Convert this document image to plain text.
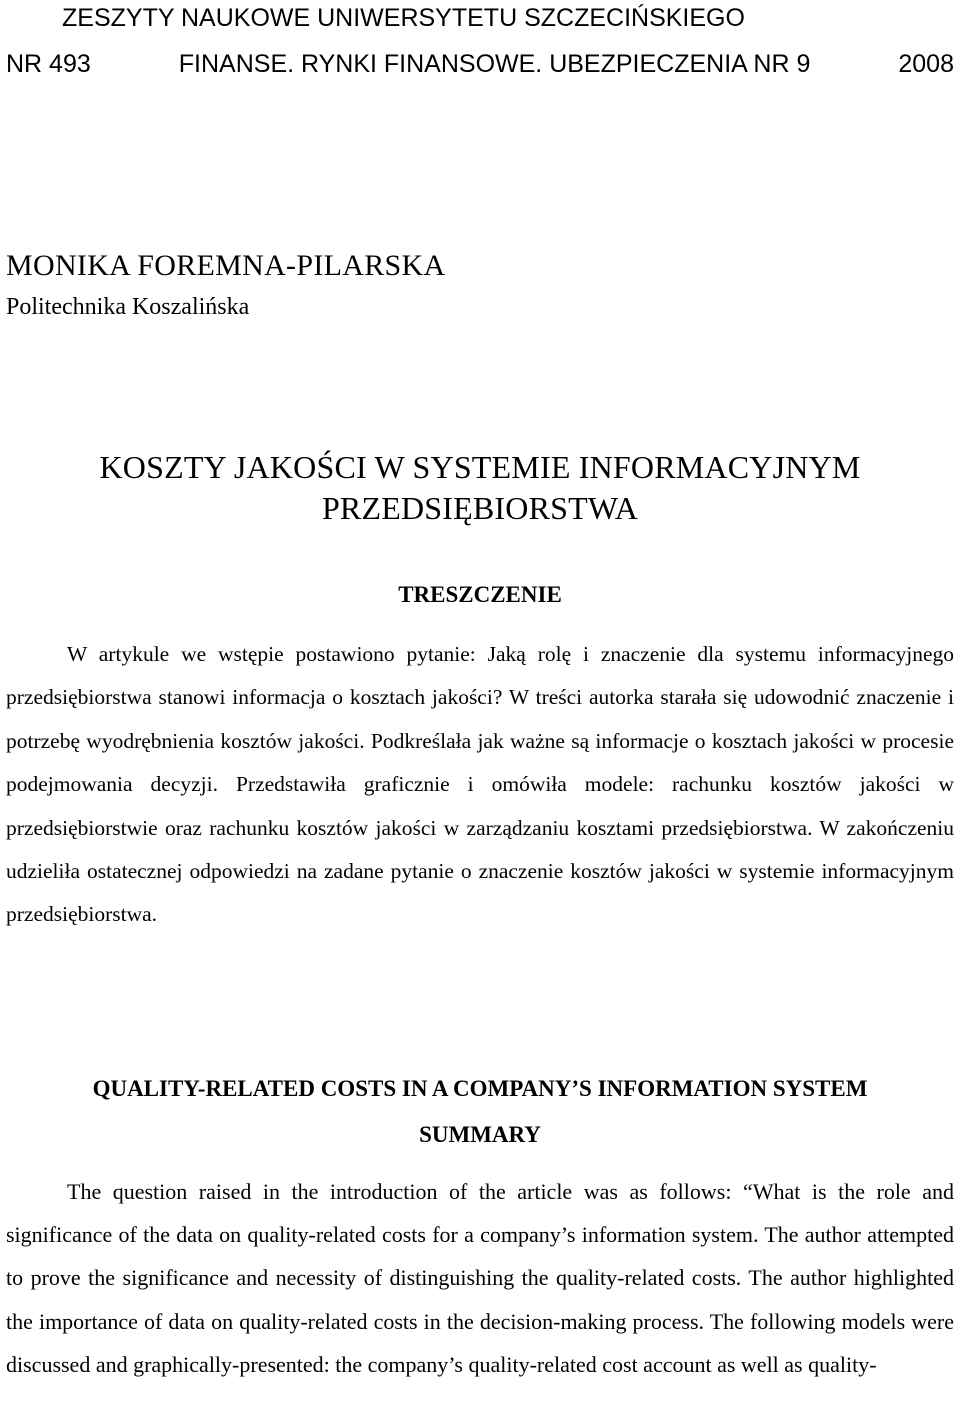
ZESZYTY NAUKOWE UNIWERSYTETU SZCZECIŃSKIEGO
NR 493	FINANSE. RYNKI FINANSOWE. UBEZPIECZENIA NR 9	2008
MONIKA FOREMNA-PILARSKA
Politechnika Koszalińska
KOSZTY JAKOŚCI W SYSTEMIE INFORMACYJNYM
PRZEDSIĘBIORSTWA
TRESZCZENIE
W artykule we wstępie postawiono pytanie: Jaką rolę i znaczenie dla systemu informacyjnego przedsiębiorstwa stanowi informacja o kosztach jakości? W treści autorka starała się udowodnić znaczenie i potrzebę wyodrębnienia kosztów jakości. Podkreślała jak ważne są informacje o kosztach jakości w procesie podejmowania decyzji. Przedstawiła graficznie i omówiła modele: rachunku kosztów jakości w przedsiębiorstwie oraz rachunku kosztów jakości w zarządzaniu kosztami przedsiębiorstwa. W zakończeniu udzieliła ostatecznej odpowiedzi na zadane pytanie o znaczenie kosztów jakości w systemie informacyjnym przedsiębiorstwa.
QUALITY-RELATED COSTS IN A COMPANY’S INFORMATION SYSTEM
SUMMARY
The question raised in the introduction of the article was as follows: “What is the role and significance of the data on quality-related costs for a company’s information system. The author attempted to prove the significance and necessity of distinguishing the quality-related costs. The author highlighted the importance of data on quality-related costs in the decision-making process. The following models were discussed and graphically-presented: the company’s quality-related cost account as well as quality-
